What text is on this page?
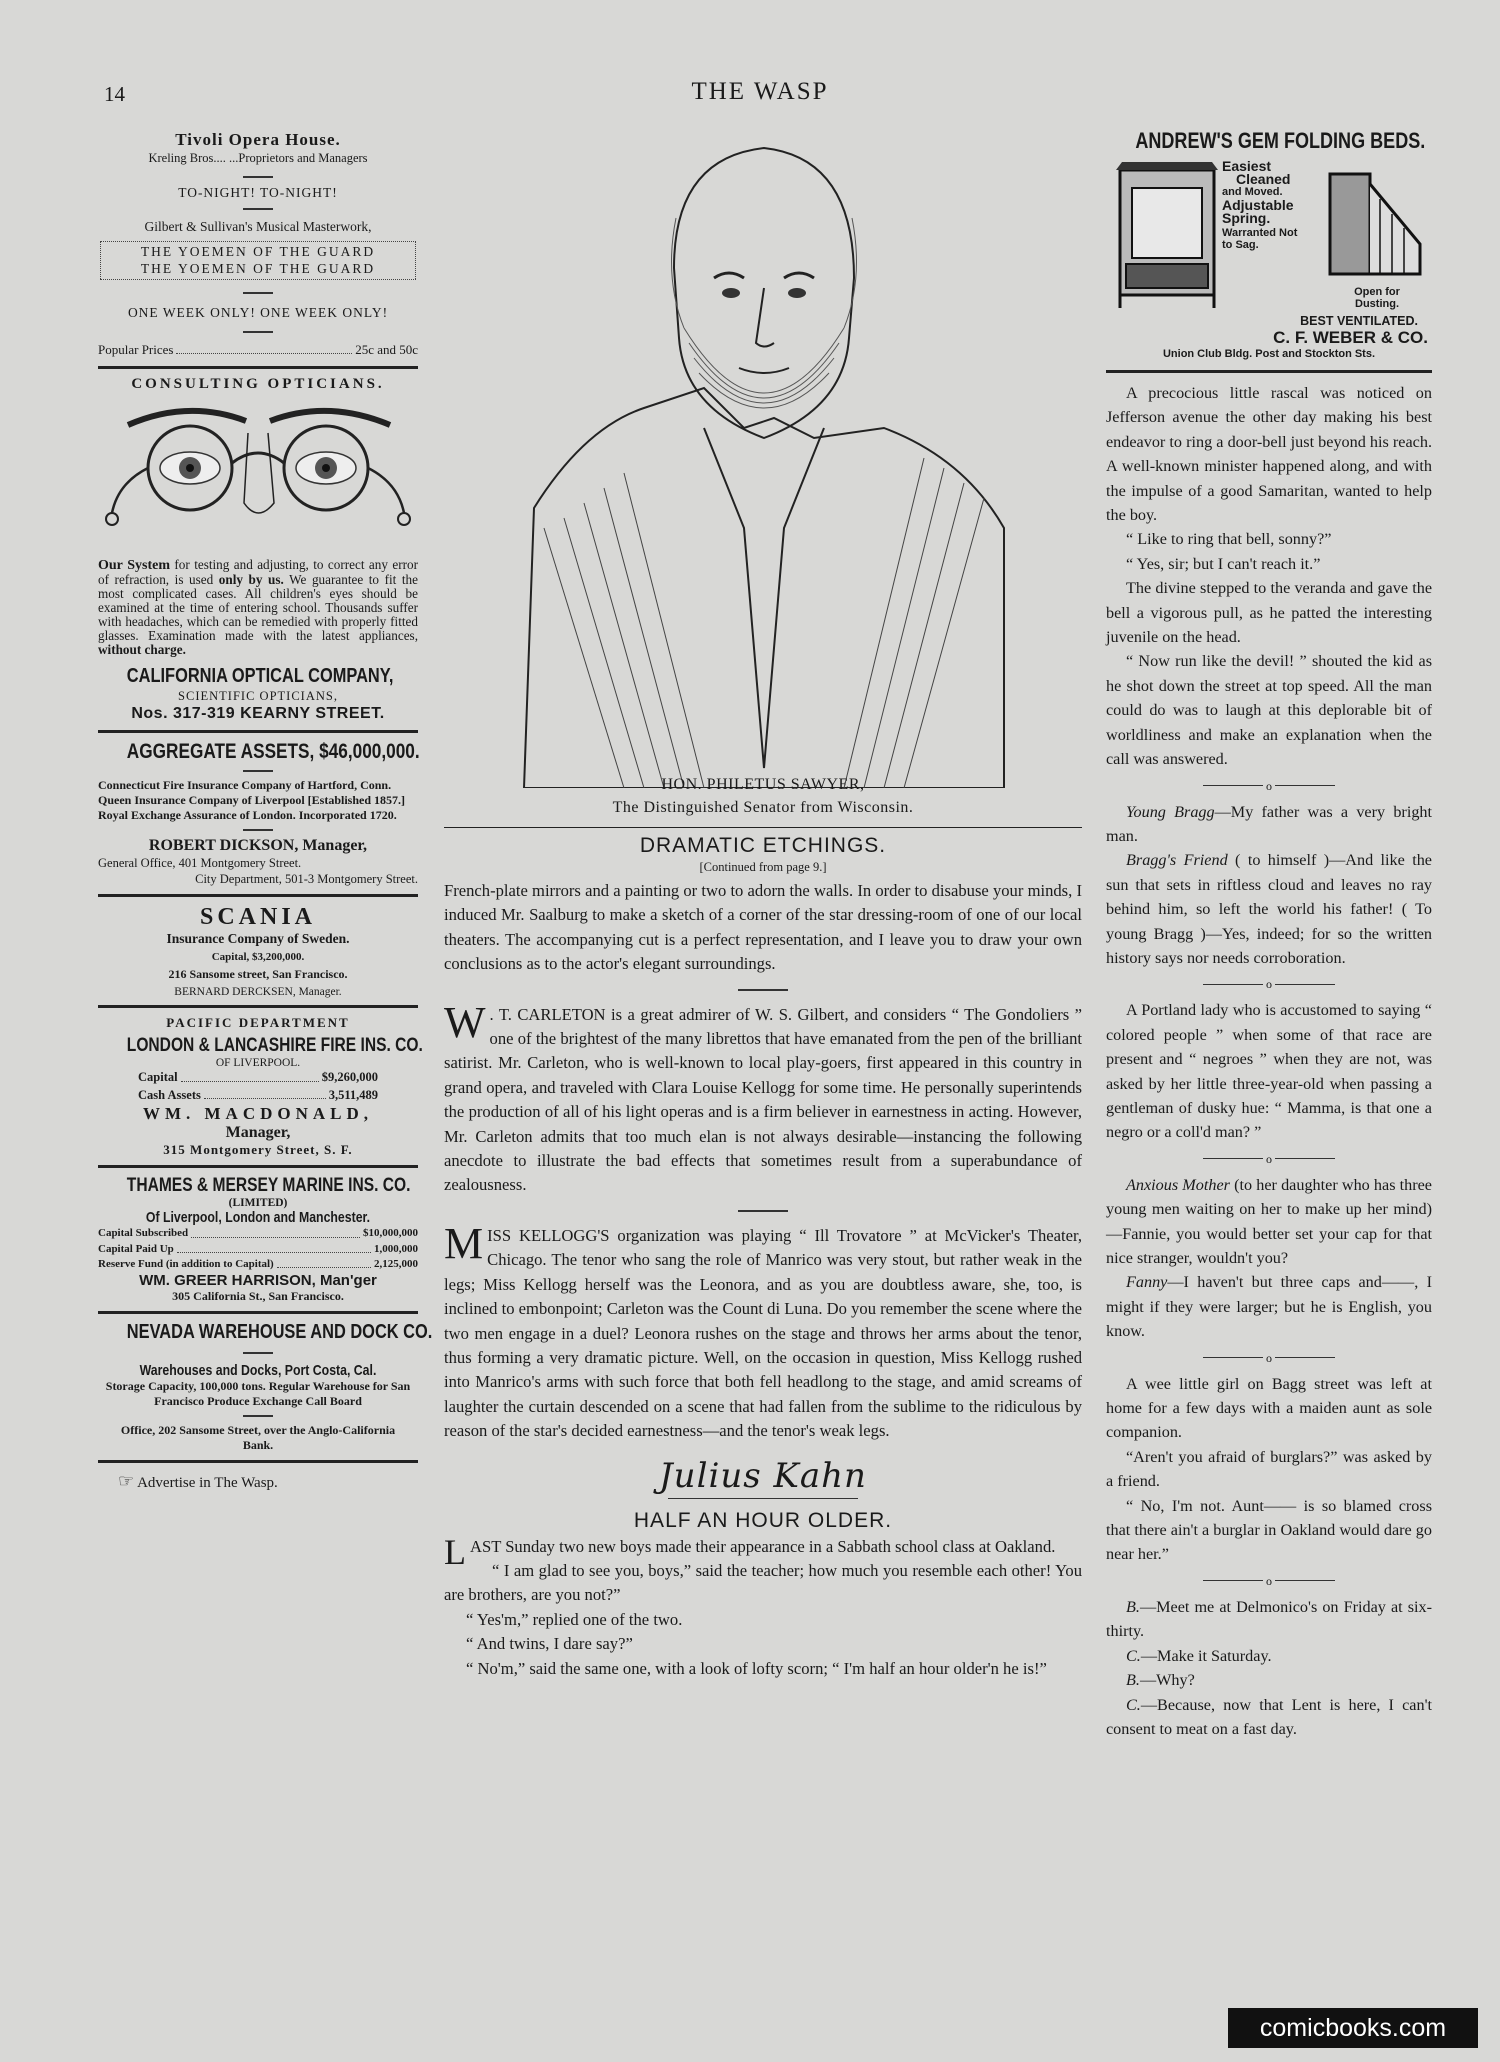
14	THE WASP
Tivoli Opera House.
Kreling Bros.... ...Proprietors and Managers
TO-NIGHT! TO-NIGHT!
Gilbert & Sullivan's Musical Masterwork,
THE YOEMEN OF THE GUARD
THE YOEMEN OF THE GUARD
ONE WEEK ONLY! ONE WEEK ONLY!
Popular Prices	25c and 50c
CONSULTING OPTICIANS.
Our System for testing and adjusting, to correct any error of refraction, is used only by us. We guarantee to fit the most complicated cases. All children's eyes should be examined at the time of entering school. Thousands suffer with headaches, which can be remedied with properly fitted glasses. Examination made with the latest appliances, without charge.
CALIFORNIA OPTICAL COMPANY,
SCIENTIFIC OPTICIANS,
Nos. 317-319 KEARNY STREET.
AGGREGATE ASSETS, $46,000,000.
Connecticut Fire Insurance Company of Hartford, Conn.
Queen Insurance Company of Liverpool [Established 1857.]
Royal Exchange Assurance of London. Incorporated 1720.
ROBERT DICKSON, Manager,
General Office, 401 Montgomery Street.
City Department, 501-3 Montgomery Street.
SCANIA
Insurance Company of Sweden.
Capital, $3,200,000.
216 Sansome street, San Francisco.
BERNARD DERCKSEN, Manager.
PACIFIC DEPARTMENT
LONDON & LANCASHIRE FIRE INS. CO.
OF LIVERPOOL.
Capital	$9,260,000
Cash Assets	3,511,489
WM. MACDONALD,
Manager,
315 Montgomery Street, S. F.
THAMES & MERSEY MARINE INS. CO.
(LIMITED)
Of Liverpool, London and Manchester.
Capital Subscribed	$10,000,000
Capital Paid Up	1,000,000
Reserve Fund (in addition to Capital)	2,125,000
WM. GREER HARRISON, Man'ger
305 California St., San Francisco.
NEVADA WAREHOUSE AND DOCK CO.
Warehouses and Docks, Port Costa, Cal.
Storage Capacity, 100,000 tons. Regular Warehouse for San Francisco Produce Exchange Call Board
Office, 202 Sansome Street, over the Anglo-California Bank.
☞ Advertise in The Wasp.
HON. PHILETUS SAWYER,
The Distinguished Senator from Wisconsin.
DRAMATIC ETCHINGS.
[Continued from page 9.]

French-plate mirrors and a painting or two to adorn the walls. In order to disabuse your minds, I induced Mr. Saalburg to make a sketch of a corner of the star dressing-room of one of our local theaters. The accompanying cut is a perfect representation, and I leave you to draw your own conclusions as to the actor's elegant surroundings.

W . T. CARLETON is a great admirer of W. S. Gilbert, and considers “ The Gondoliers ” one of the brightest of the many librettos that have emanated from the pen of the brilliant satirist. Mr. Carleton, who is well-known to local play-goers, first appeared in this country in grand opera, and traveled with Clara Louise Kellogg for some time. He personally superintends the production of all of his light operas and is a firm believer in earnestness in acting. However, Mr. Carleton admits that too much elan is not always desirable—instancing the following anecdote to illustrate the bad effects that sometimes result from a superabundance of zealousness.

MISS KELLOGG'S organization was playing “ Ill Trovatore ” at McVicker's Theater, Chicago. The tenor who sang the role of Manrico was very stout, but rather weak in the legs; Miss Kellogg herself was the Leonora, and as you are doubtless aware, she, too, is inclined to embonpoint; Carleton was the Count di Luna. Do you remember the scene where the two men engage in a duel? Leonora rushes on the stage and throws her arms about the tenor, thus forming a very dramatic picture. Well, on the occasion in question, Miss Kellogg rushed into Manrico's arms with such force that both fell headlong to the stage, and amid screams of laughter the curtain descended on a scene that had fallen from the sublime to the ridiculous by reason of the star's decided earnestness—and the tenor's weak legs.

Julius Kahn
HALF AN HOUR OLDER.

LAST Sunday two new boys made their appearance in a Sabbath school class at Oakland.

“ I am glad to see you, boys,” said the teacher; how much you resemble each other! You are brothers, are you not?”

“ Yes'm,” replied one of the two.

“ And twins, I dare say?”

“ No'm,” said the same one, with a look of lofty scorn; “ I'm half an hour older'n he is!”

ANDREW'S GEM FOLDING BEDS.
Easiest
Cleaned
and Moved.
Adjustable
Spring.
Warranted Not to Sag.
Open for Dusting.
BEST VENTILATED.
C. F. WEBER & CO.
Union Club Bldg. Post and Stockton Sts.

A precocious little rascal was noticed on Jefferson avenue the other day making his best endeavor to ring a door-bell just beyond his reach. A well-known minister happened along, and with the impulse of a good Samaritan, wanted to help the boy.

“ Like to ring that bell, sonny?”

“ Yes, sir; but I can't reach it.”

The divine stepped to the veranda and gave the bell a vigorous pull, as he patted the interesting juvenile on the head.

“ Now run like the devil! ” shouted the kid as he shot down the street at top speed. All the man could do was to laugh at this deplorable bit of worldliness and make an explanation when the call was answered.

o

Young Bragg—My father was a very bright man.

Bragg's Friend ( to himself )—And like the sun that sets in riftless cloud and leaves no ray behind him, so left the world his father! ( To young Bragg )—Yes, indeed; for so the written history says nor needs corroboration.

o

A Portland lady who is accustomed to saying “ colored people ” when some of that race are present and “ negroes ” when they are not, was asked by her little three-year-old when passing a gentleman of dusky hue: “ Mamma, is that one a negro or a coll'd man? ”

o

Anxious Mother (to her daughter who has three young men waiting on her to make up her mind)—Fannie, you would better set your cap for that nice stranger, wouldn't you?

Fanny—I haven't but three caps and——, I might if they were larger; but he is English, you know.

o

A wee little girl on Bagg street was left at home for a few days with a maiden aunt as sole companion.

“Aren't you afraid of burglars?” was asked by a friend.

“ No, I'm not. Aunt—— is so blamed cross that there ain't a burglar in Oakland would dare go near her.”

o

B.—Meet me at Delmonico's on Friday at six-thirty.

C.—Make it Saturday.

B.—Why?

C.—Because, now that Lent is here, I can't consent to meat on a fast day.

comicbooks.com
